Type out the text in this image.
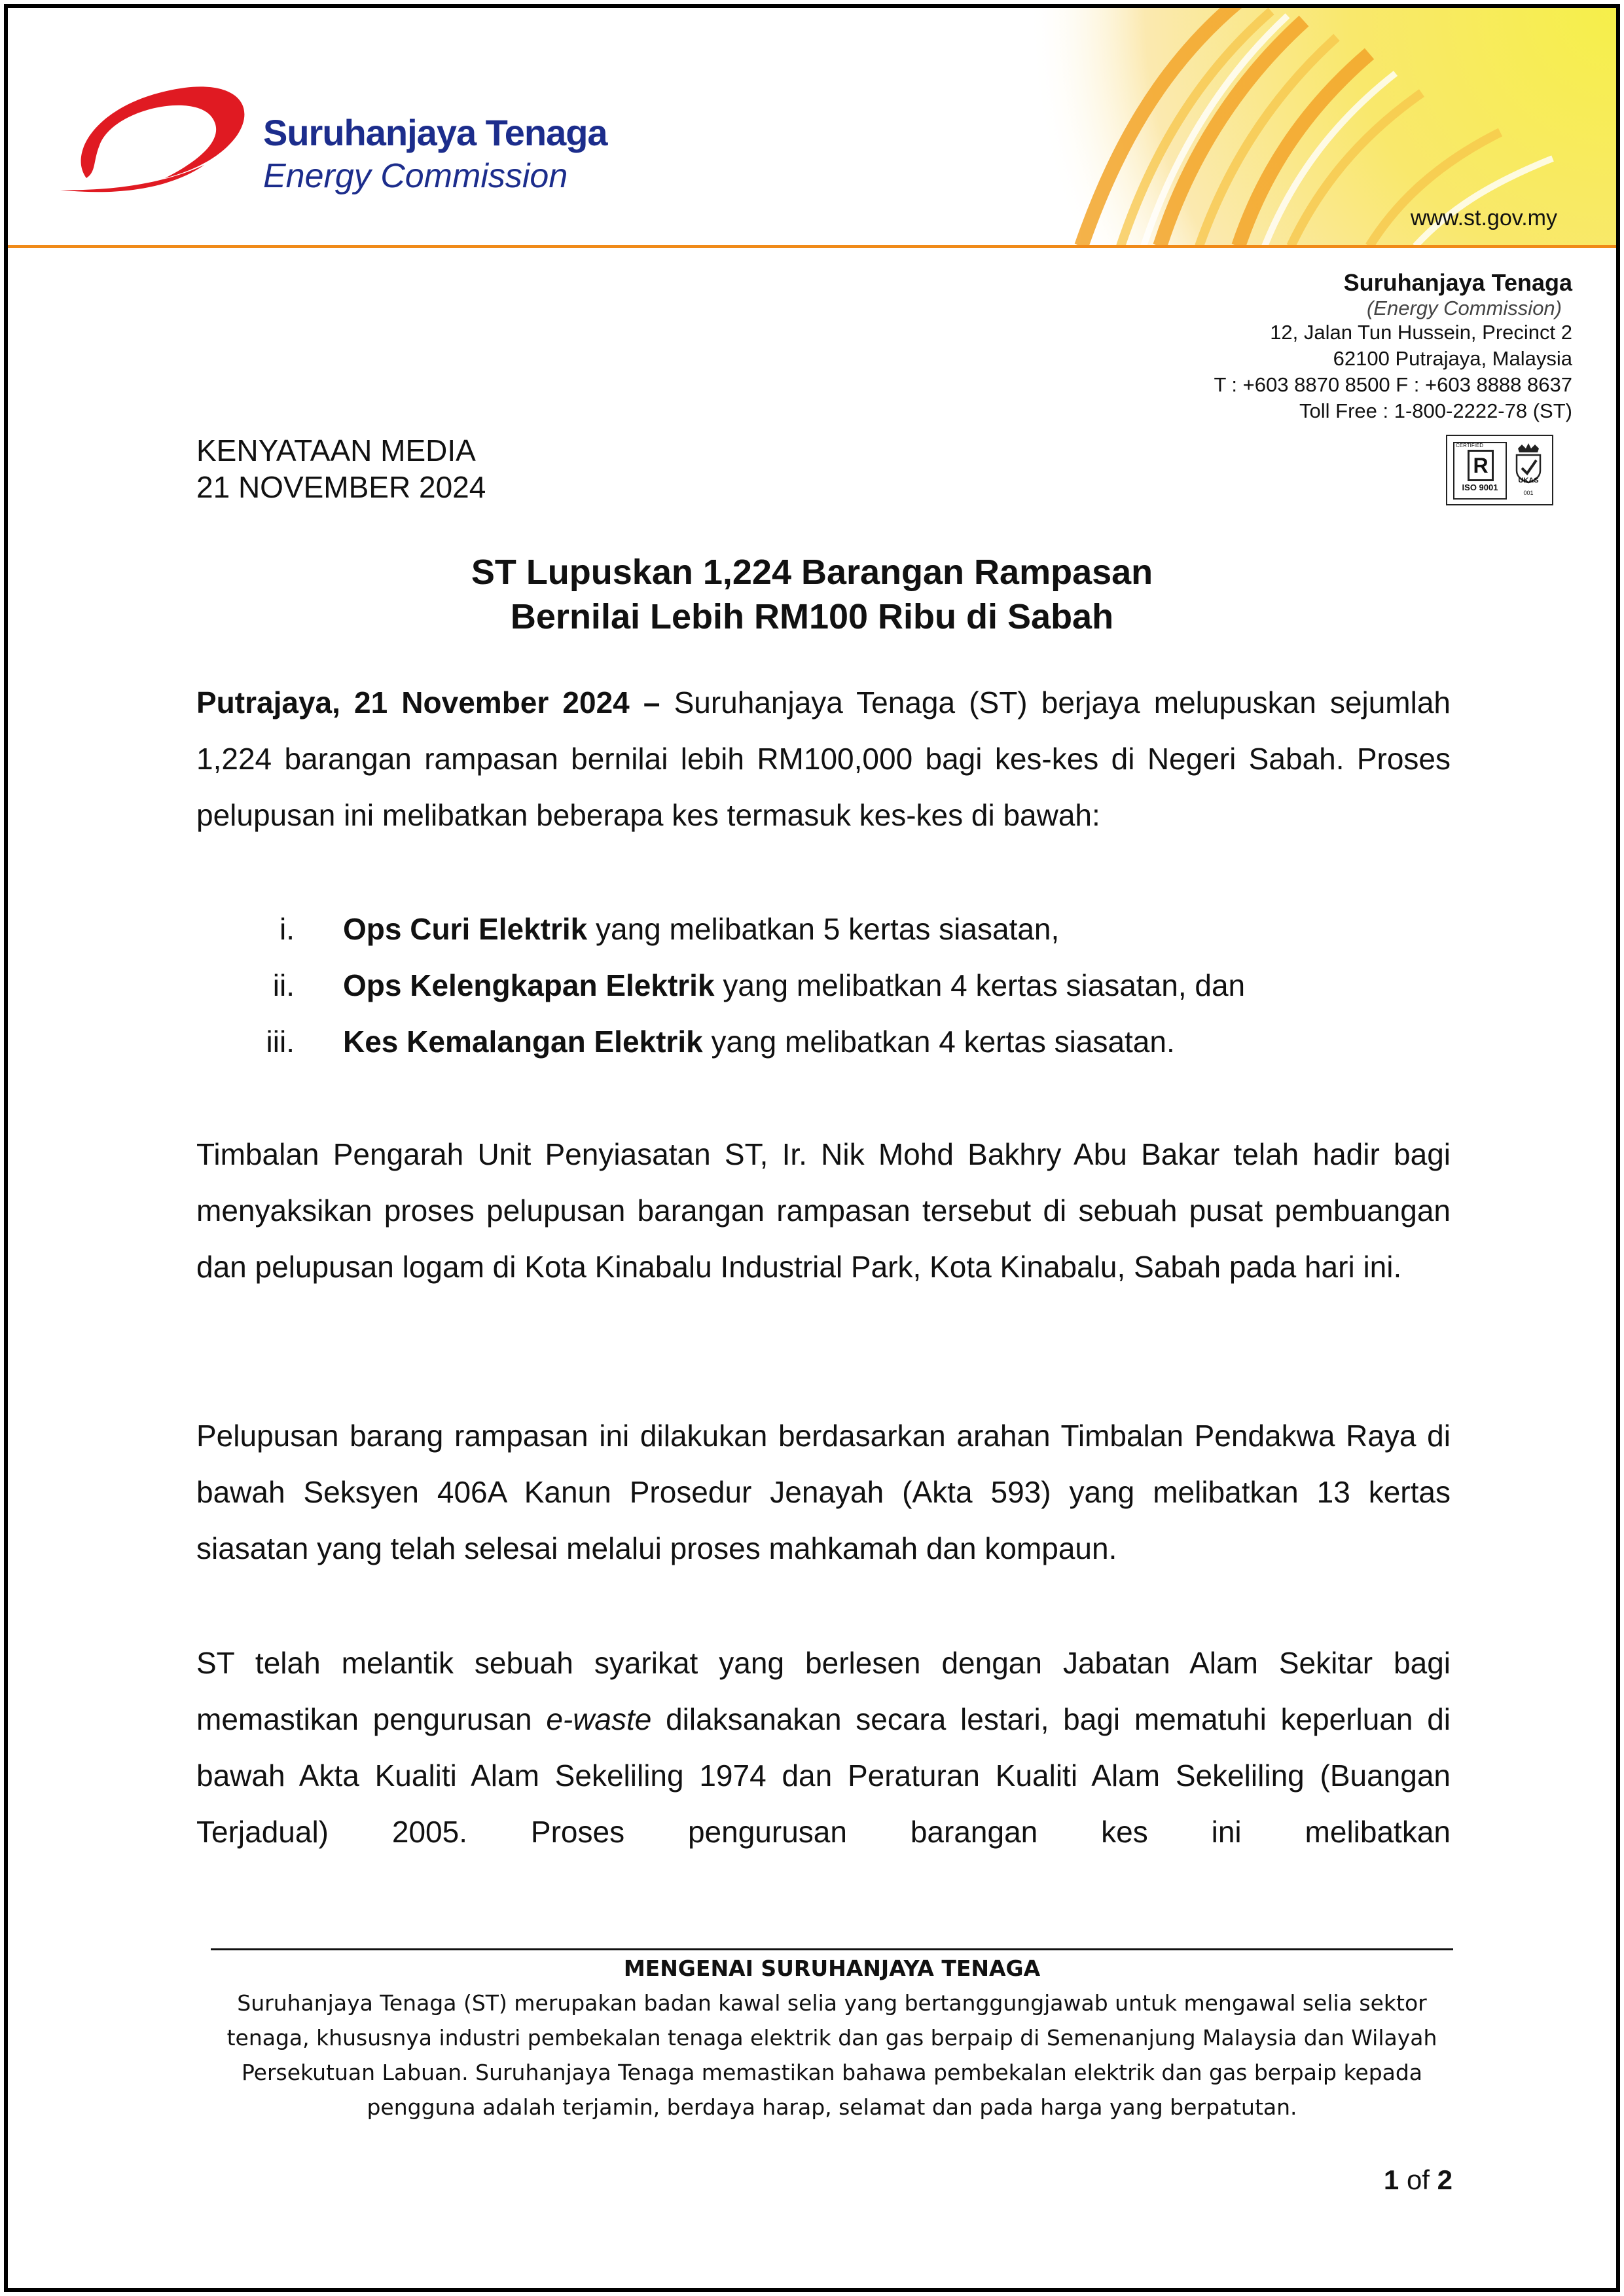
Suruhanjaya Tenaga

Energy Commission

www.st.gov.my
Suruhanjaya Tenaga
(Energy Commission)
12, Jalan Tun Hussein, Precinct 2
62100 Putrajaya, Malaysia
T : +603 8870 8500 F : +603 8888 8637
Toll Free : 1-800-2222-78 (ST)
CERTIFIED
R
ISO 9001
UKAS
001
KENYATAAN MEDIA
21 NOVEMBER 2024
ST Lupuskan 1,224 Barangan Rampasan
Bernilai Lebih RM100 Ribu di Sabah

Putrajaya, 21 November 2024 – Suruhanjaya Tenaga (ST) berjaya melupuskan sejumlah 1,224 barangan rampasan bernilai lebih RM100,000 bagi kes-kes di Negeri Sabah. Proses pelupusan ini melibatkan beberapa kes termasuk kes-kes di bawah:

i. Ops Curi Elektrik yang melibatkan 5 kertas siasatan,
ii. Ops Kelengkapan Elektrik yang melibatkan 4 kertas siasatan, dan
iii. Kes Kemalangan Elektrik yang melibatkan 4 kertas siasatan.

Timbalan Pengarah Unit Penyiasatan ST, Ir. Nik Mohd Bakhry Abu Bakar telah hadir bagi menyaksikan proses pelupusan barangan rampasan tersebut di sebuah pusat pembuangan dan pelupusan logam di Kota Kinabalu Industrial Park, Kota Kinabalu, Sabah pada hari ini.

Pelupusan barang rampasan ini dilakukan berdasarkan arahan Timbalan Pendakwa Raya di bawah Seksyen 406A Kanun Prosedur Jenayah (Akta 593) yang melibatkan 13 kertas siasatan yang telah selesai melalui proses mahkamah dan kompaun.

ST telah melantik sebuah syarikat yang berlesen dengan Jabatan Alam Sekitar bagi memastikan pengurusan e-waste dilaksanakan secara lestari, bagi mematuhi keperluan di bawah Akta Kualiti Alam Sekeliling 1974 dan Peraturan Kualiti Alam Sekeliling (Buangan Terjadual) 2005. Proses pengurusan barangan kes ini melibatkan

MENGENAI SURUHANJAYA TENAGA
Suruhanjaya Tenaga (ST) merupakan badan kawal selia yang bertanggungjawab untuk mengawal selia sektor tenaga, khususnya industri pembekalan tenaga elektrik dan gas berpaip di Semenanjung Malaysia dan Wilayah Persekutuan Labuan. Suruhanjaya Tenaga memastikan bahawa pembekalan elektrik dan gas berpaip kepada pengguna adalah terjamin, berdaya harap, selamat dan pada harga yang berpatutan.
1 of 2
